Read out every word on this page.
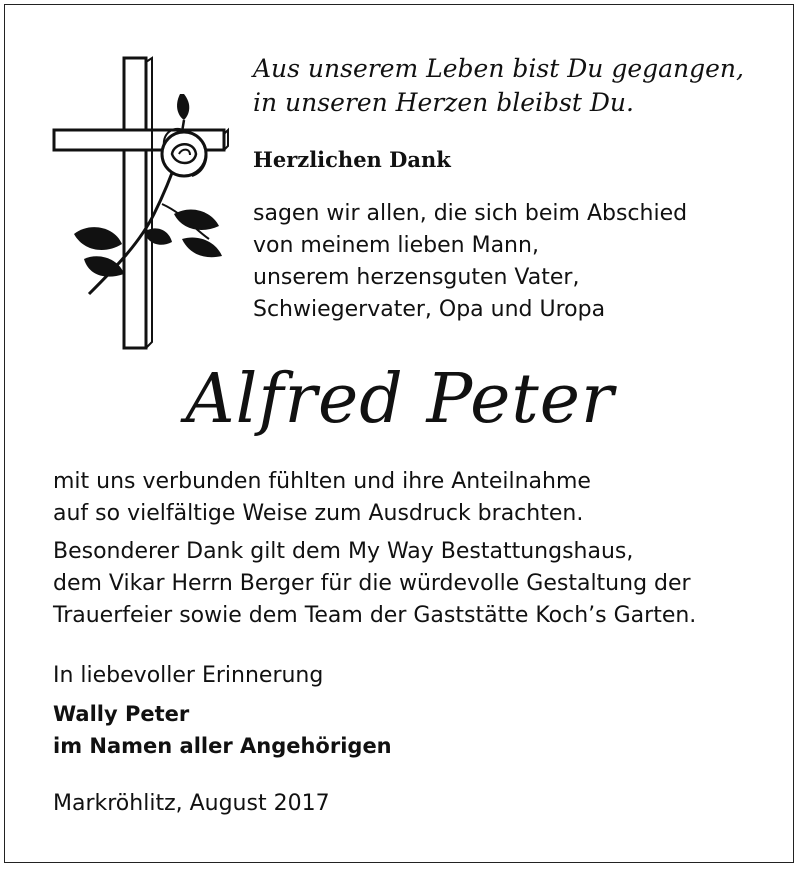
Aus unserem Leben bist Du gegangen,
in unseren Herzen bleibst Du.
Herzlichen Dank
sagen wir allen, die sich beim Abschied
von meinem lieben Mann,
unserem herzensguten Vater,
Schwiegervater, Opa und Uropa
Alfred Peter
mit uns verbunden fühlten und ihre Anteilnahme
auf so vielfältige Weise zum Ausdruck brachten.
Besonderer Dank gilt dem My Way Bestattungshaus,
dem Vikar Herrn Berger für die würdevolle Gestaltung der
Trauerfeier sowie dem Team der Gaststätte Koch’s Garten.
In liebevoller Erinnerung
Wally Peter
im Namen aller Angehörigen
Markröhlitz, August 2017
